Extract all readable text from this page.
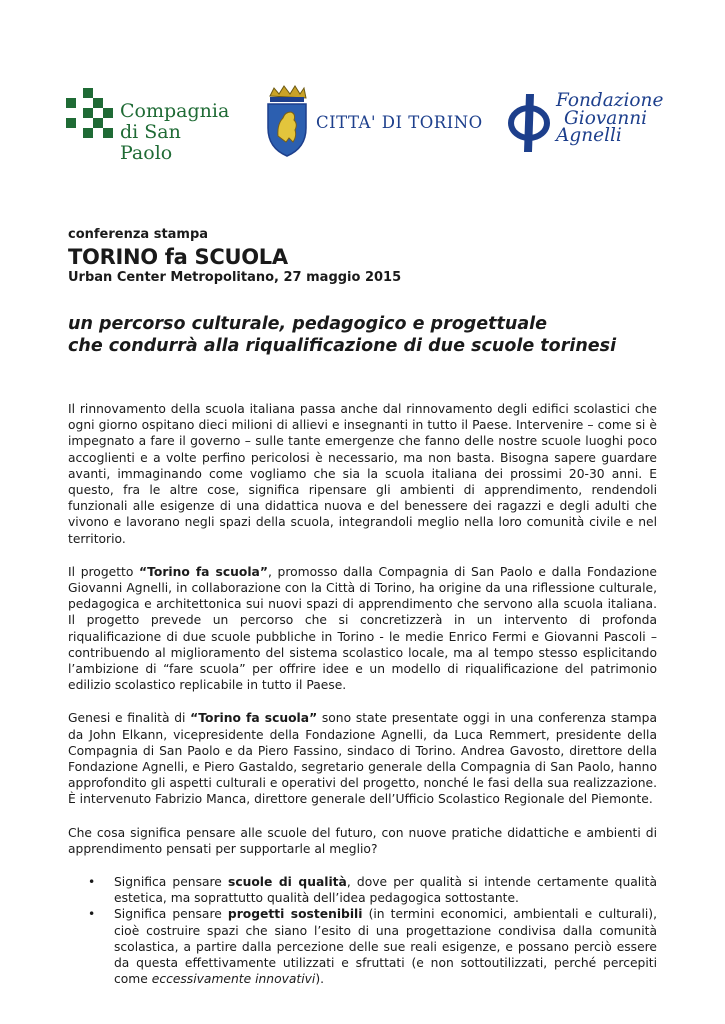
Compagnia
di San Paolo
CITTA' DI TORINO
Fondazione
Giovanni
Agnelli
conferenza stampa
TORINO fa SCUOLA
Urban Center Metropolitano, 27 maggio 2015
un percorso culturale, pedagogico e progettuale
che condurrà alla riqualificazione di due scuole torinesi

Il rinnovamento della scuola italiana passa anche dal rinnovamento degli edifici scolastici che ogni giorno ospitano dieci milioni di allievi e insegnanti in tutto il Paese. Intervenire – come si è impegnato a fare il governo – sulle tante emergenze che fanno delle nostre scuole luoghi poco accoglienti e a volte perfino pericolosi è necessario, ma non basta. Bisogna sapere guardare avanti, immaginando come vogliamo che sia la scuola italiana dei prossimi 20-30 anni. E questo, fra le altre cose, significa ripensare gli ambienti di apprendimento, rendendoli funzionali alle esigenze di una didattica nuova e del benessere dei ragazzi e degli adulti che vivono e lavorano negli spazi della scuola, integrandoli meglio nella loro comunità civile e nel territorio.

Il progetto “Torino fa scuola”, promosso dalla Compagnia di San Paolo e dalla Fondazione Giovanni Agnelli, in collaborazione con la Città di Torino, ha origine da una riflessione culturale, pedagogica e architettonica sui nuovi spazi di apprendimento che servono alla scuola italiana. Il progetto prevede un percorso che si concretizzerà in un intervento di profonda riqualificazione di due scuole pubbliche in Torino - le medie Enrico Fermi e Giovanni Pascoli – contribuendo al miglioramento del sistema scolastico locale, ma al tempo stesso esplicitando l’ambizione di “fare scuola” per offrire idee e un modello di riqualificazione del patrimonio edilizio scolastico replicabile in tutto il Paese.

Genesi e finalità di “Torino fa scuola” sono state presentate oggi in una conferenza stampa da John Elkann, vicepresidente della Fondazione Agnelli, da Luca Remmert, presidente della Compagnia di San Paolo e da Piero Fassino, sindaco di Torino. Andrea Gavosto, direttore della Fondazione Agnelli, e Piero Gastaldo, segretario generale della Compagnia di San Paolo, hanno approfondito gli aspetti culturali e operativi del progetto, nonché le fasi della sua realizzazione. È intervenuto Fabrizio Manca, direttore generale dell’Ufficio Scolastico Regionale del Piemonte.

Che cosa significa pensare alle scuole del futuro, con nuove pratiche didattiche e ambienti di apprendimento pensati per supportarle al meglio?

• Significa pensare scuole di qualità, dove per qualità si intende certamente qualità estetica, ma soprattutto qualità dell’idea pedagogica sottostante.
• Significa pensare progetti sostenibili (in termini economici, ambientali e culturali), cioè costruire spazi che siano l’esito di una progettazione condivisa dalla comunità scolastica, a partire dalla percezione delle sue reali esigenze, e possano perciò essere da questa effettivamente utilizzati e sfruttati (e non sottoutilizzati, perché percepiti come eccessivamente innovativi).
